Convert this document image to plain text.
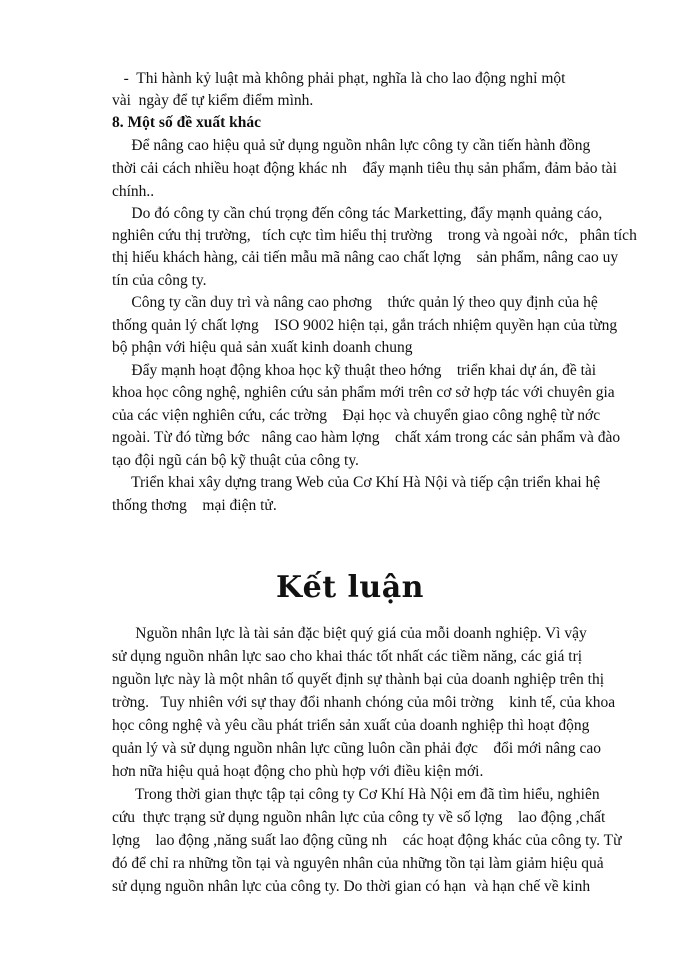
-  Thi hành kỷ luật mà không phải phạt, nghĩa là cho lao động nghỉ một
vài  ngày để tự kiểm điểm mình.
8. Một số đề xuất khác
Để nâng cao hiệu quả sử dụng nguồn nhân lực công ty cần tiến hành đồng
thời cải cách nhiều hoạt động khác nh    đẩy mạnh tiêu thụ sản phẩm, đảm bảo tài
chính..
Do đó công ty cần chú trọng đến công tác Marketting, đẩy mạnh quảng cáo,
nghiên cứu thị trường,   tích cực tìm hiểu thị trường    trong và ngoài nớc,   phân tích
thị hiếu khách hàng, cải tiến mẫu mã nâng cao chất lợng    sản phẩm, nâng cao uy
tín của công ty.
Công ty cần duy trì và nâng cao phơng    thức quản lý theo quy định của hệ
thống quản lý chất lợng    ISO 9002 hiện tại, gắn trách nhiệm quyền hạn của từng
bộ phận với hiệu quả sản xuất kinh doanh chung
Đẩy mạnh hoạt động khoa học kỹ thuật theo hớng    triển khai dự án, đề tài
khoa học công nghệ, nghiên cứu sản phẩm mới trên cơ sở hợp tác với chuyên gia
của các viện nghiên cứu, các trờng    Đại học và chuyển giao công nghệ từ nớc
ngoài. Từ đó từng bớc   nâng cao hàm lợng    chất xám trong các sản phẩm và đào
tạo đội ngũ cán bộ kỹ thuật của công ty.
Triển khai xây dựng trang Web của Cơ Khí Hà Nội và tiếp cận triển khai hệ
thống thơng    mại điện tử.
Kết luận
Nguồn nhân lực là tài sản đặc biệt quý giá của mỗi doanh nghiệp. Vì vậy
sử dụng nguồn nhân lực sao cho khai thác tốt nhất các tiềm năng, các giá trị
nguồn lực này là một nhân tố quyết định sự thành bại của doanh nghiệp trên thị
trờng.   Tuy nhiên với sự thay đổi nhanh chóng của môi trờng    kinh tế, của khoa
học công nghệ và yêu cầu phát triển sản xuất của doanh nghiệp thì hoạt động
quản lý và sử dụng nguồn nhân lực cũng luôn cần phải đợc    đổi mới nâng cao
hơn nữa hiệu quả hoạt động cho phù hợp với điều kiện mới.
Trong thời gian thực tập tại công ty Cơ Khí Hà Nội em đã tìm hiểu, nghiên
cứu  thực trạng sử dụng nguồn nhân lực của công ty về số lợng    lao động ,chất
lợng    lao động ,năng suất lao động cũng nh    các hoạt động khác của công ty. Từ
đó để chỉ ra những tồn tại và nguyên nhân của những tồn tại làm giảm hiệu quả
sử dụng nguồn nhân lực của công ty. Do thời gian có hạn  và hạn chế về kinh
